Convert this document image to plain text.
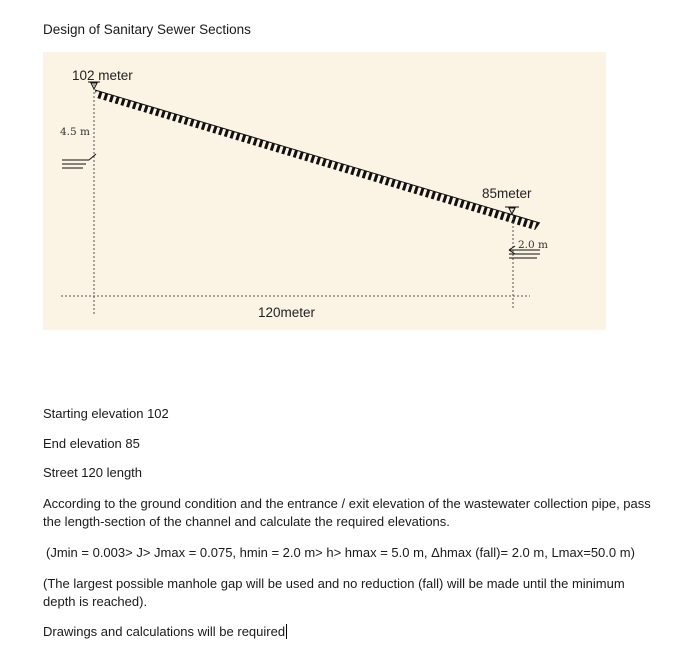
Design of Sanitary Sewer Sections
102 meter
4.5 m
85meter
2.0 m
120meter
Starting elevation 102
End elevation 85
Street 120 length
According to the ground condition and the entrance / exit elevation of the wastewater collection pipe, pass the length-section of the channel and calculate the required elevations.
(Jmin = 0.003> J> Jmax = 0.075, hmin = 2.0 m> h> hmax = 5.0 m, Δhmax (fall)= 2.0 m, Lmax=50.0 m)
(The largest possible manhole gap will be used and no reduction (fall) will be made until the minimum depth is reached).
Drawings and calculations will be required
